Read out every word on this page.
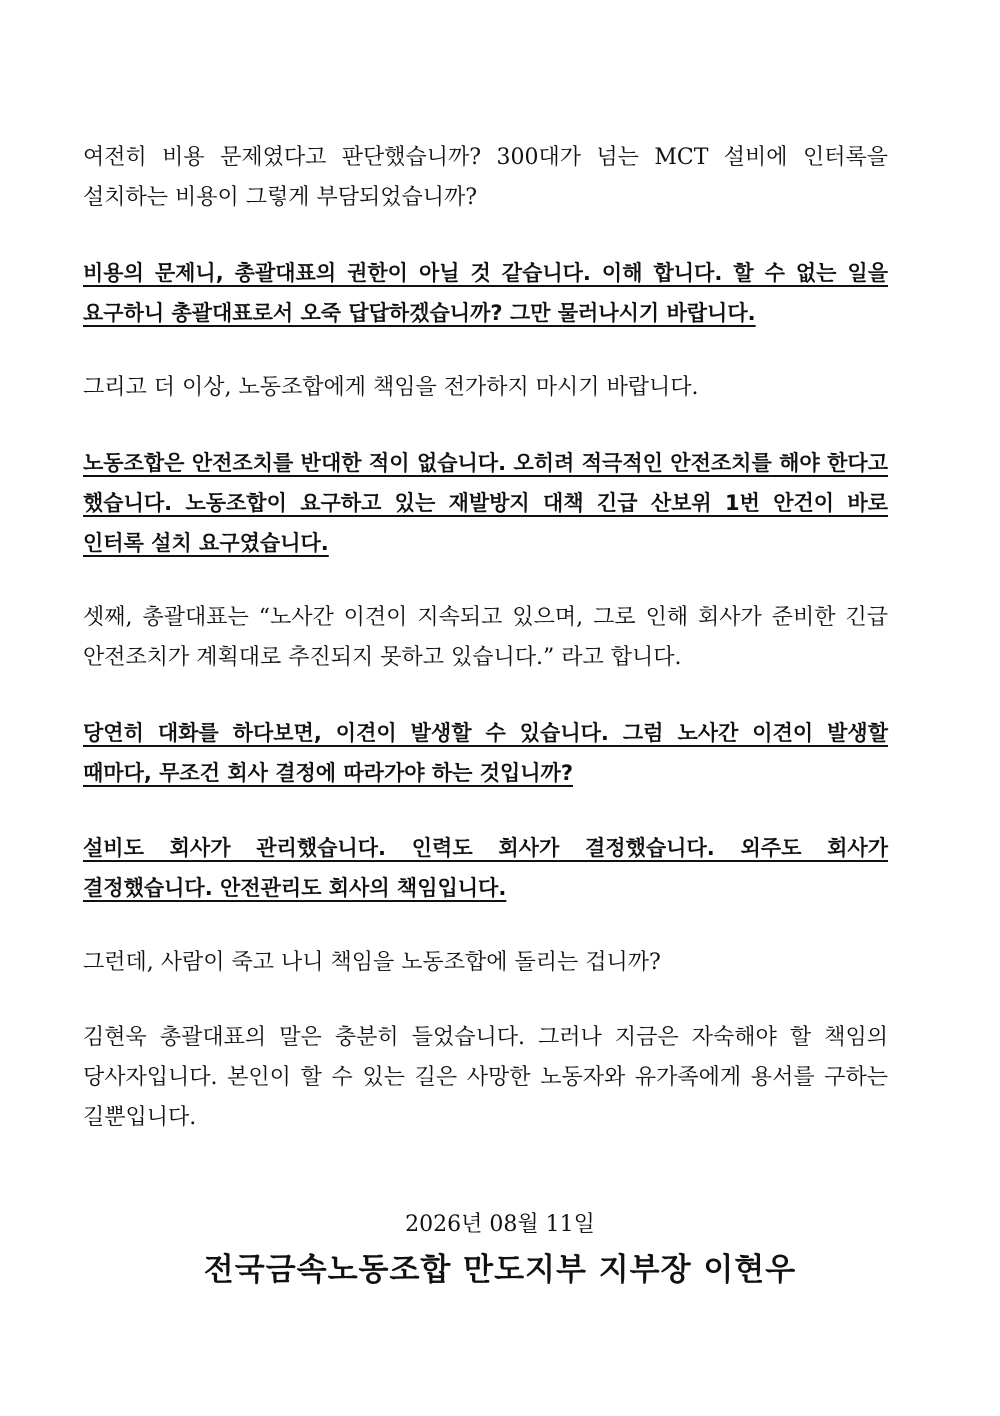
여전히 비용 문제였다고 판단했습니까? 300대가 넘는 MCT 설비에 인터록을 설치하는 비용이 그렇게 부담되었습니까?

비용의 문제니, 총괄대표의 권한이 아닐 것 같습니다. 이해 합니다. 할 수 없는 일을 요구하니 총괄대표로서 오죽 답답하겠습니까? 그만 물러나시기 바랍니다.

그리고 더 이상, 노동조합에게 책임을 전가하지 마시기 바랍니다.

노동조합은 안전조치를 반대한 적이 없습니다. 오히려 적극적인 안전조치를 해야 한다고 했습니다. 노동조합이 요구하고 있는 재발방지 대책 긴급 산보위 1번 안건이 바로 인터록 설치 요구였습니다.

셋째, 총괄대표는 “노사간 이견이 지속되고 있으며, 그로 인해 회사가 준비한 긴급 안전조치가 계획대로 추진되지 못하고 있습니다.” 라고 합니다.

당연히 대화를 하다보면, 이견이 발생할 수 있습니다. 그럼 노사간 이견이 발생할 때마다, 무조건 회사 결정에 따라가야 하는 것입니까?

설비도 회사가 관리했습니다. 인력도 회사가 결정했습니다. 외주도 회사가 결정했습니다. 안전관리도 회사의 책임입니다.

그런데, 사람이 죽고 나니 책임을 노동조합에 돌리는 겁니까?

김현욱 총괄대표의 말은 충분히 들었습니다. 그러나 지금은 자숙해야 할 책임의 당사자입니다. 본인이 할 수 있는 길은 사망한 노동자와 유가족에게 용서를 구하는 길뿐입니다.

2026년 08월 11일
전국금속노동조합 만도지부 지부장 이현우
